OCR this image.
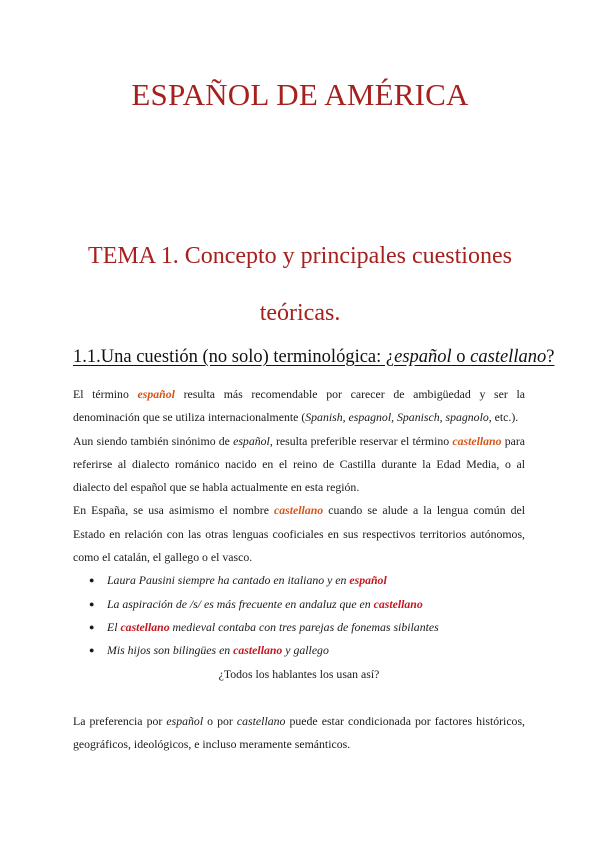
ESPAÑOL DE AMÉRICA
TEMA 1. Concepto y principales cuestiones teóricas.
1.1.Una cuestión (no solo) terminológica: ¿español o castellano?

El término español resulta más recomendable por carecer de ambigüedad y ser la denominación que se utiliza internacionalmente (Spanish, espagnol, Spanisch, spagnolo, etc.).

Aun siendo también sinónimo de español, resulta preferible reservar el término castellano para referirse al dialecto románico nacido en el reino de Castilla durante la Edad Media, o al dialecto del español que se habla actualmente en esta región.

En España, se usa asimismo el nombre castellano cuando se alude a la lengua común del Estado en relación con las otras lenguas cooficiales en sus respectivos territorios autónomos, como el catalán, el gallego o el vasco.

● Laura Pausini siempre ha cantado en italiano y en español
● La aspiración de /s/ es más frecuente en andaluz que en castellano
● El castellano medieval contaba con tres parejas de fonemas sibilantes
● Mis hijos son bilingües en castellano y gallego

¿Todos los hablantes los usan así?

La preferencia por español o por castellano puede estar condicionada por factores históricos, geográficos, ideológicos, e incluso meramente semánticos.
